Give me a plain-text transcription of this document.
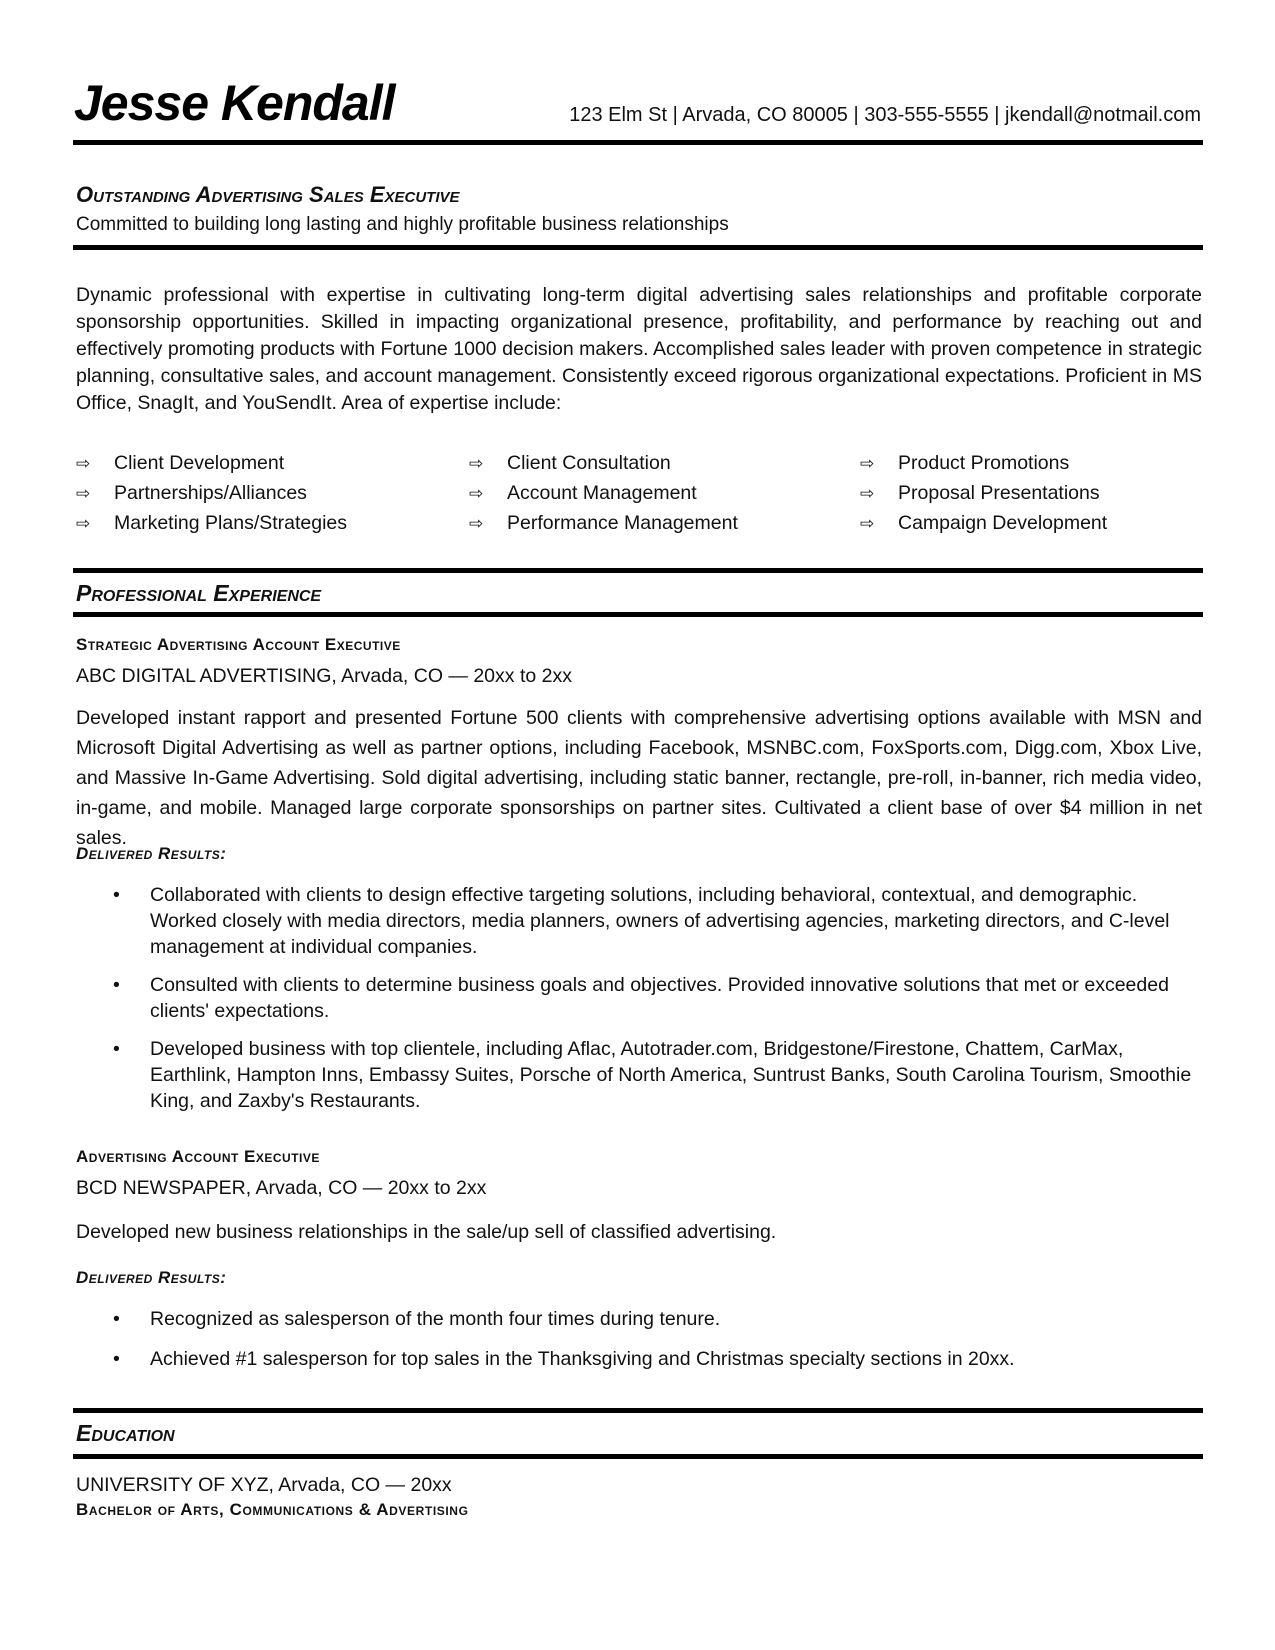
Jesse Kendall	123 Elm St | Arvada, CO 80005 | 303-555-5555 | jkendall@notmail.com
Outstanding Advertising Sales Executive
Committed to building long lasting and highly profitable business relationships
Dynamic professional with expertise in cultivating long-term digital advertising sales relationships and profitable corporate sponsorship opportunities. Skilled in impacting organizational presence, profitability, and performance by reaching out and effectively promoting products with Fortune 1000 decision makers. Accomplished sales leader with proven competence in strategic planning, consultative sales, and account management. Consistently exceed rigorous organizational expectations. Proficient in MS Office, SnagIt, and YouSendIt. Area of expertise include:
⇨ Client Development
⇨ Partnerships/Alliances
⇨ Marketing Plans/Strategies
⇨ Client Consultation
⇨ Account Management
⇨ Performance Management
⇨ Product Promotions
⇨ Proposal Presentations
⇨ Campaign Development
Professional Experience
Strategic Advertising Account Executive
ABC DIGITAL ADVERTISING, Arvada, CO — 20xx to 2xx
Developed instant rapport and presented Fortune 500 clients with comprehensive advertising options available with MSN and Microsoft Digital Advertising as well as partner options, including Facebook, MSNBC.com, FoxSports.com, Digg.com, Xbox Live, and Massive In-Game Advertising. Sold digital advertising, including static banner, rectangle, pre-roll, in-banner, rich media video, in-game, and mobile. Managed large corporate sponsorships on partner sites. Cultivated a client base of over $4 million in net sales.
Delivered Results:
• Collaborated with clients to design effective targeting solutions, including behavioral, contextual, and demographic. Worked closely with media directors, media planners, owners of advertising agencies, marketing directors, and C-level management at individual companies.
• Consulted with clients to determine business goals and objectives. Provided innovative solutions that met or exceeded clients' expectations.
• Developed business with top clientele, including Aflac, Autotrader.com, Bridgestone/Firestone, Chattem, CarMax, Earthlink, Hampton Inns, Embassy Suites, Porsche of North America, Suntrust Banks, South Carolina Tourism, Smoothie King, and Zaxby's Restaurants.
Advertising Account Executive
BCD NEWSPAPER, Arvada, CO — 20xx to 2xx
Developed new business relationships in the sale/up sell of classified advertising.
Delivered Results:
• Recognized as salesperson of the month four times during tenure.
• Achieved #1 salesperson for top sales in the Thanksgiving and Christmas specialty sections in 20xx.
Education
UNIVERSITY OF XYZ, Arvada, CO — 20xx
Bachelor of Arts, Communications & Advertising
